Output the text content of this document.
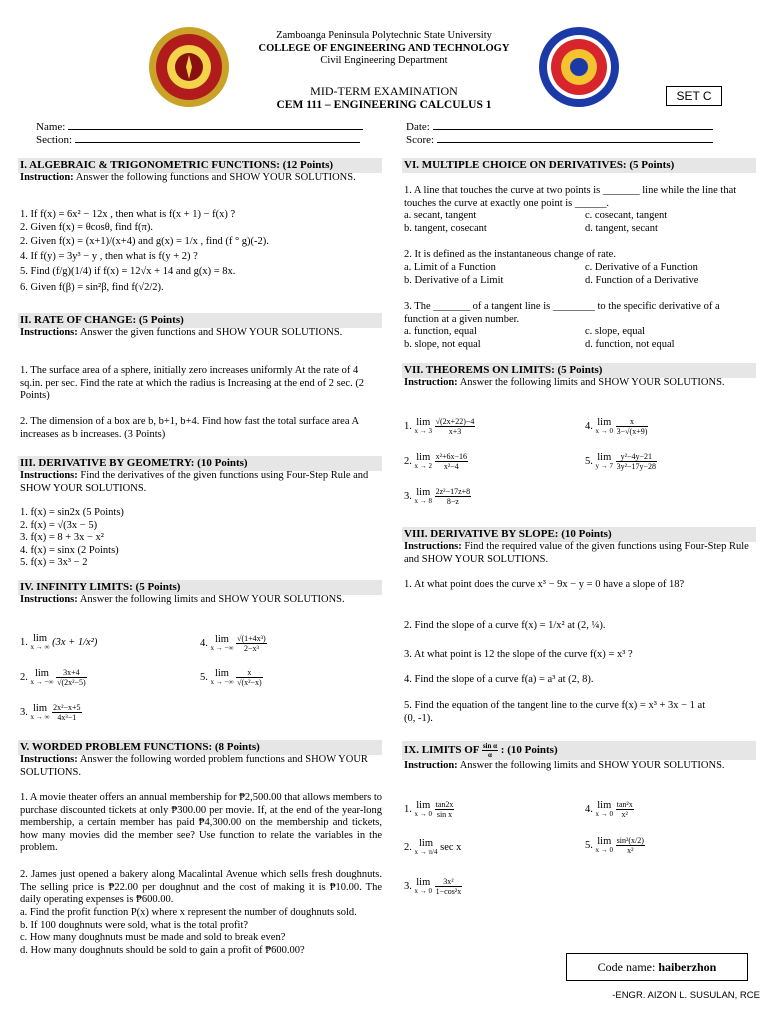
Zamboanga Peninsula Polytechnic State University
COLLEGE OF ENGINEERING AND TECHNOLOGY
Civil Engineering Department
MID-TERM EXAMINATION
CEM 111 – ENGINEERING CALCULUS 1
SET C
Name:
Section:
Date:
Score:
I. ALGEBRAIC & TRIGONOMETRIC FUNCTIONS: (12 Points)
Instruction: Answer the following functions and SHOW YOUR SOLUTIONS.
1. If f(x) = 6x² − 12x , then what is f(x + 1) − f(x) ?
2. Given f(x) = θcosθ, find f(π).
2. Given f(x) = (x+1)/(x+4) and g(x) = 1/x , find (f ° g)(-2).
4. If f(y) = 3y³ − y , then what is f(y + 2) ?
5. Find (f/g)(1/4) if f(x) = 12√x + 14 and g(x) = 8x.
6. Given f(β) = sin²β, find f(√2/2).
II. RATE OF CHANGE: (5 Points)
Instructions: Answer the given functions and SHOW YOUR SOLUTIONS.
1. The surface area of a sphere, initially zero increases uniformly At the rate of 4 sq.in. per sec. Find the rate at which the radius is Increasing at the end of 2 sec. (2 Points)
2. The dimension of a box are b, b+1, b+4. Find how fast the total surface area A increases as b increases. (3 Points)
III. DERIVATIVE BY GEOMETRY: (10 Points)
Instructions: Find the derivatives of the given functions using Four-Step Rule and SHOW YOUR SOLUTIONS.
1. f(x) = sin2x (5 Points)
2. f(x) = √(3x − 5)
3. f(x) = 8 + 3x − x²
4. f(x) = sinx (2 Points)
5. f(x) = 3x³ − 2
IV. INFINITY LIMITS: (5 Points)
Instructions: Answer the following limits and SHOW YOUR SOLUTIONS.
1. lim
x → ∞ (3x + 1/x²)
2. lim
x → −∞
$\frac{3x+4}{\text{√(2x²−5)}}$
3. lim
x → ∞
$\frac{\text{2x²−x+5}}{\text{4x³−1}}$
4. lim
x → −∞
$\frac{\text{√(1+4x³)}}{\text{2−x³}}$
5. lim
x → −∞
$\frac{x}{\text{√(x²−x)}}$
V. WORDED PROBLEM FUNCTIONS: (8 Points)
Instructions: Answer the following worded problem functions and SHOW YOUR SOLUTIONS.
1. A movie theater offers an annual membership for ₱2,500.00 that allows members to purchase discounted tickets at only ₱300.00 per movie. If, at the end of the year-long membership, a certain member has paid ₱4,300.00 on the membership and tickets, how many movies did the member see? Use function to relate the variables in the problem.
2. James just opened a bakery along Macalintal Avenue which sells fresh doughnuts. The selling price is ₱22.00 per doughnut and the cost of making it is ₱10.00. The daily operating expenses is ₱600.00.
a. Find the profit function P(x) where x represent the number of doughnuts sold.
b. If 100 doughnuts were sold, what is the total profit?
c. How many doughnuts must be made and sold to break even?
d. How many doughnuts should be sold to gain a profit of ₱600.00?
VI. MULTIPLE CHOICE ON DERIVATIVES: (5 Points)
1. A line that touches the curve at two points is _______ line while the line that touches the curve at exactly one point is ______.
a. secant, tangent
b. tangent, cosecant
c. cosecant, tangent
d. tangent, secant
2. It is defined as the instantaneous change of rate.
a. Limit of a Function
b. Derivative of a Limit
c. Derivative of a Function
d. Function of a Derivative
3. The _______ of a tangent line is ________ to the specific derivative of a function at a given number.
a. function, equal
b. slope, not equal
c. slope, equal
d. function, not equal
VII. THEOREMS ON LIMITS: (5 Points)
Instruction: Answer the following limits and SHOW YOUR SOLUTIONS.
1. lim
x → 3
$\frac{√(2x+22)-4}{x+3}$
2. lim
x → 2
$\frac{\text{x²+6x−16}}{\text{x²−4}}$
3. lim
x → 8
$\frac{\text{2z²−17z+8}}{8-z}$
4. lim
x → 0
$\frac{x}{3-√(x+9)}$
5. lim
y → 7
$\frac{\text{y²−4y−21}}{\text{3y²−17y−28}}$
VIII. DERIVATIVE BY SLOPE: (10 Points)
Instructions: Find the required value of the given functions using Four-Step Rule and SHOW YOUR SOLUTIONS.
1. At what point does the curve x³ − 9x − y = 0 have a slope of 18?
2. Find the slope of a curve f(x) = 1/x² at (2, ¼).
3. At what point is 12 the slope of the curve f(x) = x³ ?
4. Find the slope of a curve f(a) = a³ at (2, 8).
5. Find the equation of the tangent line to the curve f(x) = x³ + 3x − 1 at (0, -1).
IX. LIMITS OF $\frac{\text{sin α}}{\alpha}$ : (10 Points)
Instruction: Answer the following limits and SHOW YOUR SOLUTIONS.
1. lim
x → 0
$\frac{\tan 2x}{\text{sin x}}$
2. lim
x → π/4 sec x
3. lim
x → 0
$\frac{\text{3x²}}{\text{1−cos²x}}$
4. lim
x → 0
$\frac{\text{tan²x}}{\text{x²}}$
5. lim
x → 0
$\frac{\text{sin²(x/2)}}{\text{x²}}$
Code name: haiberzhon
-ENGR. AIZON L. SUSULAN, RCE
